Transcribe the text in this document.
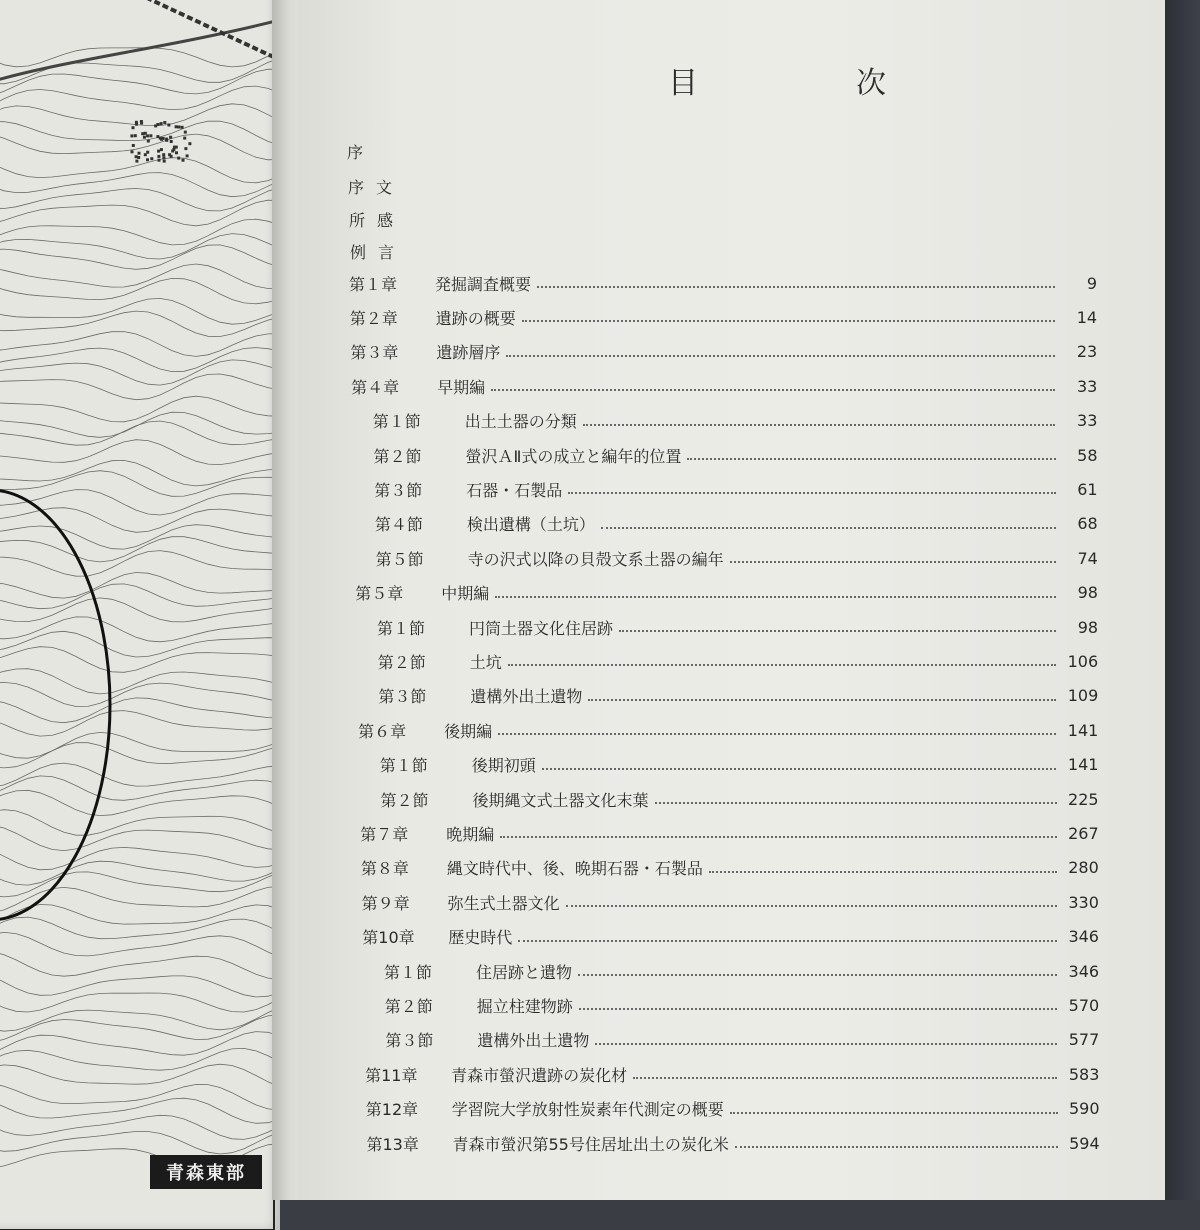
青森東部
目　次
序
序文
所感
例言
第１章	発掘調査概要	9
第２章	遺跡の概要	14
第３章	遺跡層序	23
第４章	早期編	33
第１節	出土土器の分類	33
第２節	螢沢ＡⅡ式の成立と編年的位置	58
第３節	石器・石製品	61
第４節	検出遺構（土坑）	68
第５節	寺の沢式以降の貝殻文系土器の編年	74
第５章	中期編	98
第１節	円筒土器文化住居跡	98
第２節	土坑	106
第３節	遺構外出土遺物	109
第６章	後期編	141
第１節	後期初頭	141
第２節	後期縄文式土器文化末葉	225
第７章	晩期編	267
第８章	縄文時代中、後、晩期石器・石製品	280
第９章	弥生式土器文化	330
第10章	歴史時代	346
第１節	住居跡と遺物	346
第２節	掘立柱建物跡	570
第３節	遺構外出土遺物	577
第11章	青森市螢沢遺跡の炭化材	583
第12章	学習院大学放射性炭素年代測定の概要	590
第13章	青森市螢沢第55号住居址出土の炭化米	594
